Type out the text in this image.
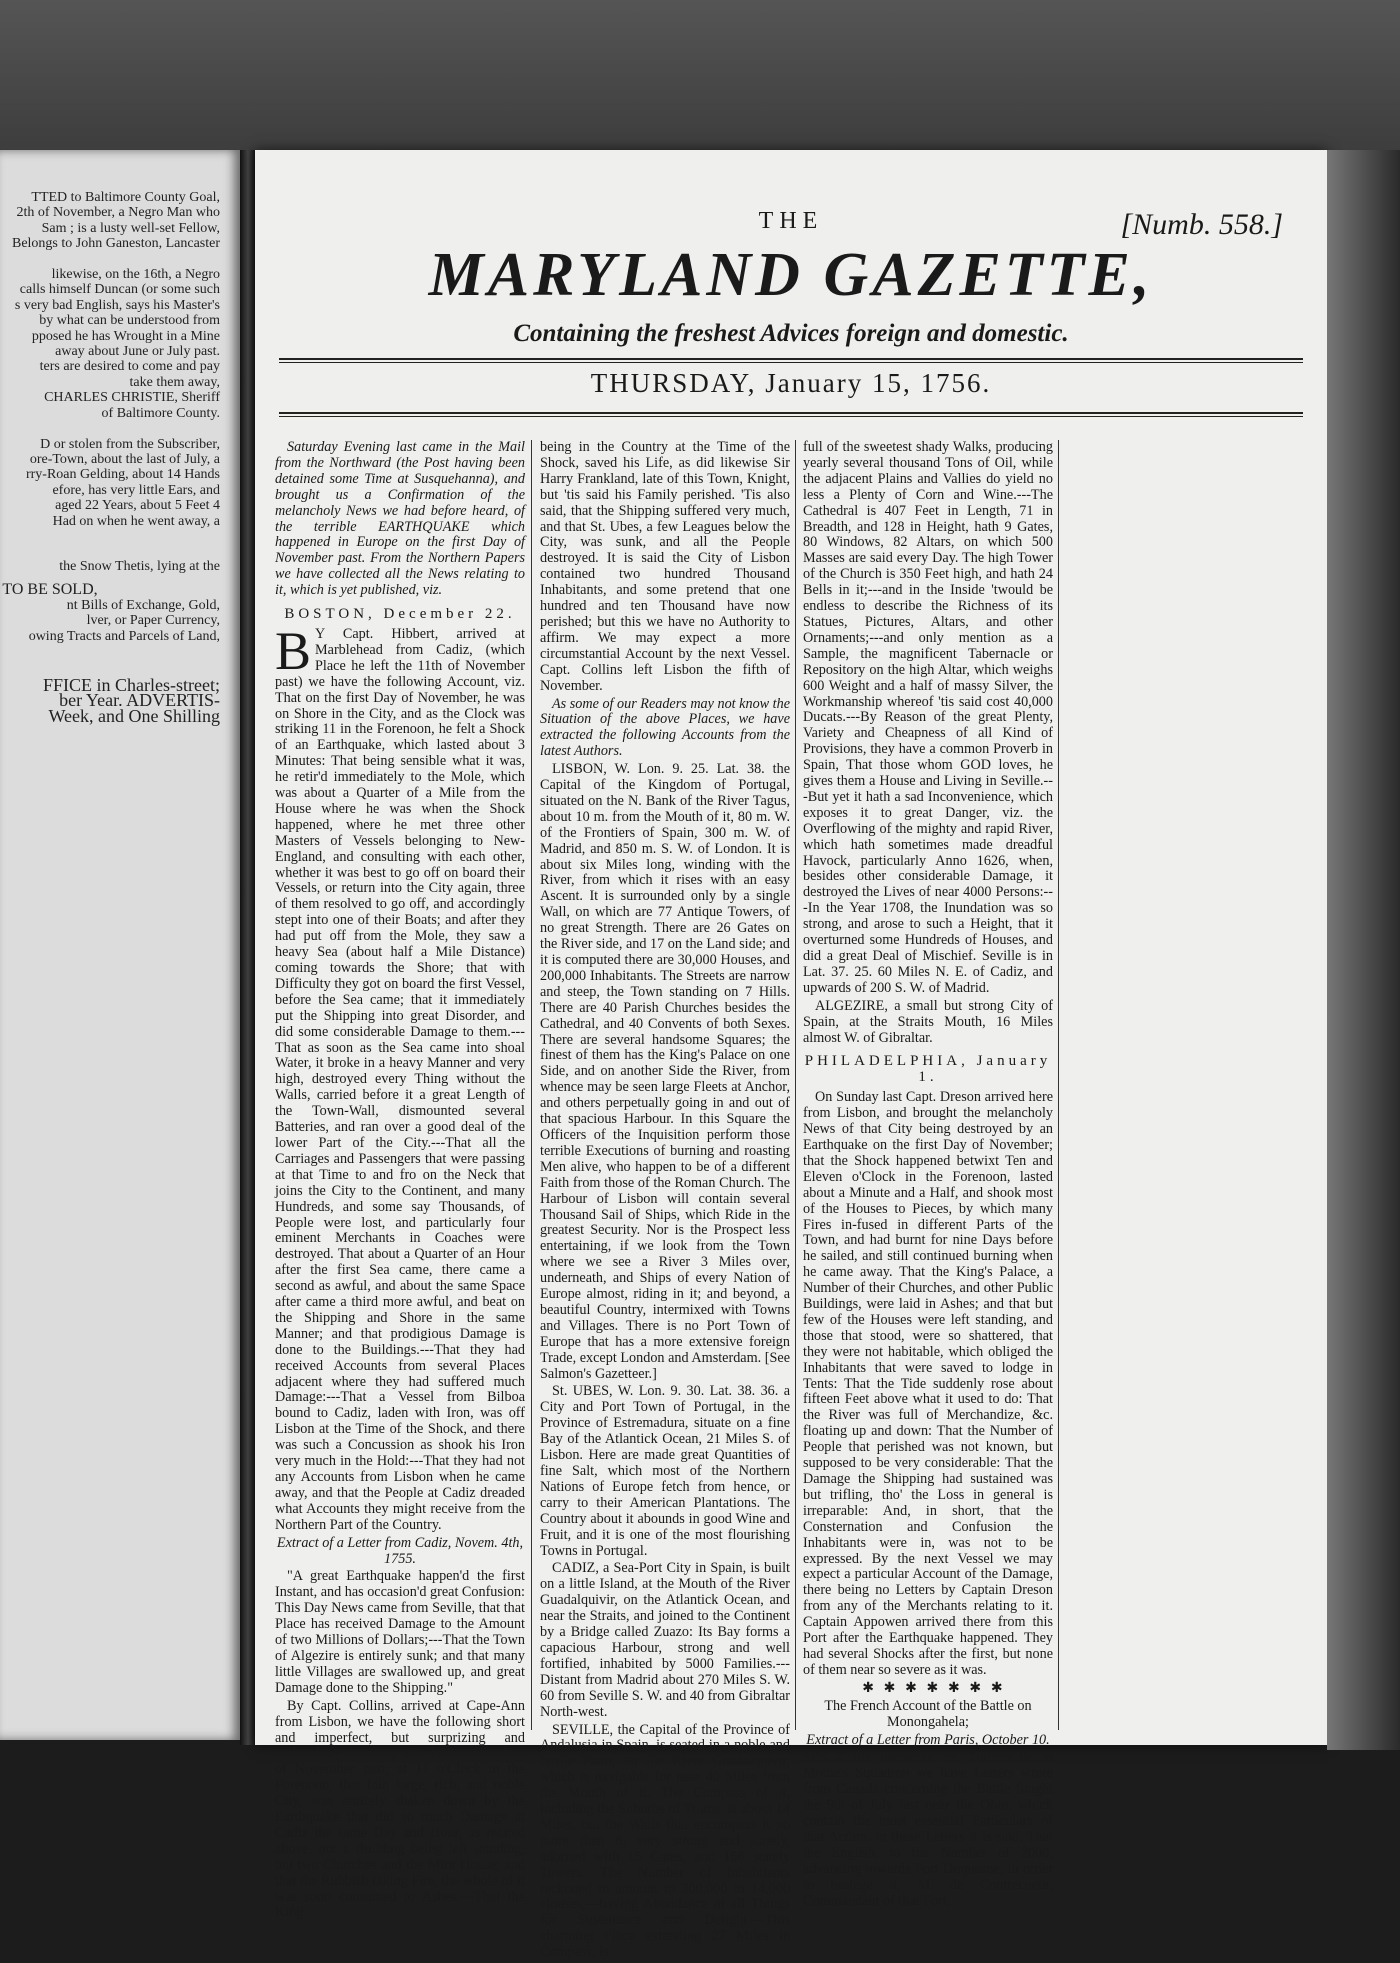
TTED to Baltimore County Goal,
2th of November, a Negro Man who
Sam ; is a lusty well-set Fellow,
Belongs to John Ganeston, Lancaster

likewise, on the 16th, a Negro
calls himself Duncan (or some such
s very bad English, says his Master's
by what can be understood from
pposed he has Wrought in a Mine
away about June or July past.
ters are desired to come and pay
take them away,
CHARLES CHRISTIE, Sheriff
of Baltimore County.

D or stolen from the Subscriber,
ore-Town, about the last of July, a
rry-Roan Gelding, about 14 Hands
efore, has very little Ears, and
aged 22 Years, about 5 Feet 4
Had on when he went away, a
the Snow Thetis, lying at the
TO BE SOLD,
nt Bills of Exchange, Gold,
lver, or Paper Currency,
owing Tracts and Parcels of Land,
FFICE in Charles-street;
ber Year. ADVERTIS-
Week, and One Shilling
THE	[Numb. 558.]
MARYLAND GAZETTE,
Containing the freshest Advices foreign and domestic.
THURSDAY, January 15, 1756.

Saturday Evening last came in the Mail from the Northward (the Post having been detained some Time at Susquehanna), and brought us a Confirmation of the melancholy News we had before heard, of the terrible EARTHQUAKE which happened in Europe on the first Day of November past. From the Northern Papers we have collected all the News relating to it, which is yet published, viz.

BOSTON, December 22.

B Y Capt. Hibbert, arrived at Marblehead from Cadiz, (which Place he left the 11th of November past) we have the following Account, viz. That on the first Day of November, he was on Shore in the City, and as the Clock was striking 11 in the Forenoon, he felt a Shock of an Earthquake, which lasted about 3 Minutes: That being sensible what it was, he retir'd immediately to the Mole, which was about a Quarter of a Mile from the House where he was when the Shock happened, where he met three other Masters of Vessels belonging to New-England, and consulting with each other, whether it was best to go off on board their Vessels, or return into the City again, three of them resolved to go off, and accordingly stept into one of their Boats; and after they had put off from the Mole, they saw a heavy Sea (about half a Mile Distance) coming towards the Shore; that with Difficulty they got on board the first Vessel, before the Sea came; that it immediately put the Shipping into great Disorder, and did some considerable Damage to them.---That as soon as the Sea came into shoal Water, it broke in a heavy Manner and very high, destroyed every Thing without the Walls, carried before it a great Length of the Town-Wall, dismounted several Batteries, and ran over a good deal of the lower Part of the City.---That all the Carriages and Passengers that were passing at that Time to and fro on the Neck that joins the City to the Continent, and many Hundreds, and some say Thousands, of People were lost, and particularly four eminent Merchants in Coaches were destroyed. That about a Quarter of an Hour after the first Sea came, there came a second as awful, and about the same Space after came a third more awful, and beat on the Shipping and Shore in the same Manner; and that prodigious Damage is done to the Buildings.---That they had received Accounts from several Places adjacent where they had suffered much Damage:---That a Vessel from Bilboa bound to Cadiz, laden with Iron, was off Lisbon at the Time of the Shock, and there was such a Concussion as shook his Iron very much in the Hold:---That they had not any Accounts from Lisbon when he came away, and that the People at Cadiz dreaded what Accounts they might receive from the Northern Part of the Country.

Extract of a Letter from Cadiz, Novem. 4th, 1755.

"A great Earthquake happen'd the first Instant, and has occasion'd great Confusion: This Day News came from Seville, that that Place has received Damage to the Amount of two Millions of Dollars;---That the Town of Algezire is entirely sunk; and that many little Villages are swallowed up, and great Damage done to the Shipping."

By Capt. Collins, arrived at Cape-Ann from Lisbon, we have the following short and imperfect, but surprizing and melancholy Account, viz. That on the first of November past, at 11 o'Clock in the Forenoon, that fair, large, rich, and noble City, was entirely shaken down by the Earthquake that did so much Damage at Cadiz the same Day and Hour, as related above, not a Building being left standing, but two Churches and the Mint House; and that the Rubbish taking Fire, the whole of it was soon consumed to Ashes.---That the King

being in the Country at the Time of the Shock, saved his Life, as did likewise Sir Harry Frankland, late of this Town, Knight, but 'tis said his Family perished. 'Tis also said, that the Shipping suffered very much, and that St. Ubes, a few Leagues below the City, was sunk, and all the People destroyed. It is said the City of Lisbon contained two hundred Thousand Inhabitants, and some pretend that one hundred and ten Thousand have now perished; but this we have no Authority to affirm. We may expect a more circumstantial Account by the next Vessel. Capt. Collins left Lisbon the fifth of November.

As some of our Readers may not know the Situation of the above Places, we have extracted the following Accounts from the latest Authors.

LISBON, W. Lon. 9. 25. Lat. 38. the Capital of the Kingdom of Portugal, situated on the N. Bank of the River Tagus, about 10 m. from the Mouth of it, 80 m. W. of the Frontiers of Spain, 300 m. W. of Madrid, and 850 m. S. W. of London. It is about six Miles long, winding with the River, from which it rises with an easy Ascent. It is surrounded only by a single Wall, on which are 77 Antique Towers, of no great Strength. There are 26 Gates on the River side, and 17 on the Land side; and it is computed there are 30,000 Houses, and 200,000 Inhabitants. The Streets are narrow and steep, the Town standing on 7 Hills. There are 40 Parish Churches besides the Cathedral, and 40 Convents of both Sexes. There are several handsome Squares; the finest of them has the King's Palace on one Side, and on another Side the River, from whence may be seen large Fleets at Anchor, and others perpetually going in and out of that spacious Harbour. In this Square the Officers of the Inquisition perform those terrible Executions of burning and roasting Men alive, who happen to be of a different Faith from those of the Roman Church. The Harbour of Lisbon will contain several Thousand Sail of Ships, which Ride in the greatest Security. Nor is the Prospect less entertaining, if we look from the Town where we see a River 3 Miles over, underneath, and Ships of every Nation of Europe almost, riding in it; and beyond, a beautiful Country, intermixed with Towns and Villages. There is no Port Town of Europe that has a more extensive foreign Trade, except London and Amsterdam. [See Salmon's Gazetteer.]

St. UBES, W. Lon. 9. 30. Lat. 38. 36. a City and Port Town of Portugal, in the Province of Estremadura, situate on a fine Bay of the Atlantick Ocean, 21 Miles S. of Lisbon. Here are made great Quantities of fine Salt, which most of the Northern Nations of Europe fetch from hence, or carry to their American Plantations. The Country about it abounds in good Wine and Fruit, and it is one of the most flourishing Towns in Portugal.

CADIZ, a Sea-Port City in Spain, is built on a little Island, at the Mouth of the River Guadalquivir, on the Atlantick Ocean, and near the Straits, and joined to the Continent by a Bridge called Zuazo: Its Bay forms a capacious Harbour, strong and well fortified, inhabited by 5000 Families.---Distant from Madrid about 270 Miles S. W. 60 from Seville S. W. and 40 from Gibraltar North-west.

SEVILLE, the Capital of the Province of Andalusia in Spain, is seated in a noble and fertile Plain, on the River Guadalquivir, which is navigable for near 40 Miles from the Mouth of it. The Compass of it, including the Suburbs of Triana, is about 14 Miles, but the Walls that encompass it no more than 8, very strong and stately, adorned with 15 Gates, and 166 stately Towers. The Number of Inhabitants reckoned to amount to 300,000 in 14,000 Houses,---having Abundance of all Things for Sustenance and Delight.---This charming Place extending 27 Miles in Compass, is

full of the sweetest shady Walks, producing yearly several thousand Tons of Oil, while the adjacent Plains and Vallies do yield no less a Plenty of Corn and Wine.---The Cathedral is 407 Feet in Length, 71 in Breadth, and 128 in Height, hath 9 Gates, 80 Windows, 82 Altars, on which 500 Masses are said every Day. The high Tower of the Church is 350 Feet high, and hath 24 Bells in it;---and in the Inside 'twould be endless to describe the Richness of its Statues, Pictures, Altars, and other Ornaments;---and only mention as a Sample, the magnificent Tabernacle or Repository on the high Altar, which weighs 600 Weight and a half of massy Silver, the Workmanship whereof 'tis said cost 40,000 Ducats.---By Reason of the great Plenty, Variety and Cheapness of all Kind of Provisions, they have a common Proverb in Spain, That those whom GOD loves, he gives them a House and Living in Seville.---But yet it hath a sad Inconvenience, which exposes it to great Danger, viz. the Overflowing of the mighty and rapid River, which hath sometimes made dreadful Havock, particularly Anno 1626, when, besides other considerable Damage, it destroyed the Lives of near 4000 Persons:---In the Year 1708, the Inundation was so strong, and arose to such a Height, that it overturned some Hundreds of Houses, and did a great Deal of Mischief. Seville is in Lat. 37. 25. 60 Miles N. E. of Cadiz, and upwards of 200 S. W. of Madrid.

ALGEZIRE, a small but strong City of Spain, at the Straits Mouth, 16 Miles almost W. of Gibraltar.

PHILADELPHIA, January 1.

On Sunday last Capt. Dreson arrived here from Lisbon, and brought the melancholy News of that City being destroyed by an Earthquake on the first Day of November; that the Shock happened betwixt Ten and Eleven o'Clock in the Forenoon, lasted about a Minute and a Half, and shook most of the Houses to Pieces, by which many Fires in-fused in different Parts of the Town, and had burnt for nine Days before he sailed, and still continued burning when he came away. That the King's Palace, a Number of their Churches, and other Public Buildings, were laid in Ashes; and that but few of the Houses were left standing, and those that stood, were so shattered, that they were not habitable, which obliged the Inhabitants that were saved to lodge in Tents: That the Tide suddenly rose about fifteen Feet above what it used to do: That the River was full of Merchandize, &c. floating up and down: That the Number of People that perished was not known, but supposed to be very considerable: That the Damage the Shipping had sustained was but trifling, tho' the Loss in general is irreparable: And, in short, that the Consternation and Confusion the Inhabitants were in, was not to be expressed. By the next Vessel we may expect a particular Account of the Damage, there being no Letters by Captain Dreson from any of the Merchants relating to it. Captain Appowen arrived there from this Port after the Earthquake happened. They had several Shocks after the first, but none of them near so severe as it was.

✱ ✱ ✱ ✱ ✱ ✱ ✱

The French Account of the Battle on Monongahela;

Extract of a Letter from Paris, October 10.

SINCE the return of M. Dubois de la Mothe's Squadron we have Letters wrote from Canada concerning the Battle fought the 9th of July last near the Ohio, which contain the most essential Particulars of that Action. In these Letters it is said, That the English, to the Number of 2000, advancing towards Fort Duquesne, in order to besiege it, M. de Contrecoeur, Commandant of that Fort,
